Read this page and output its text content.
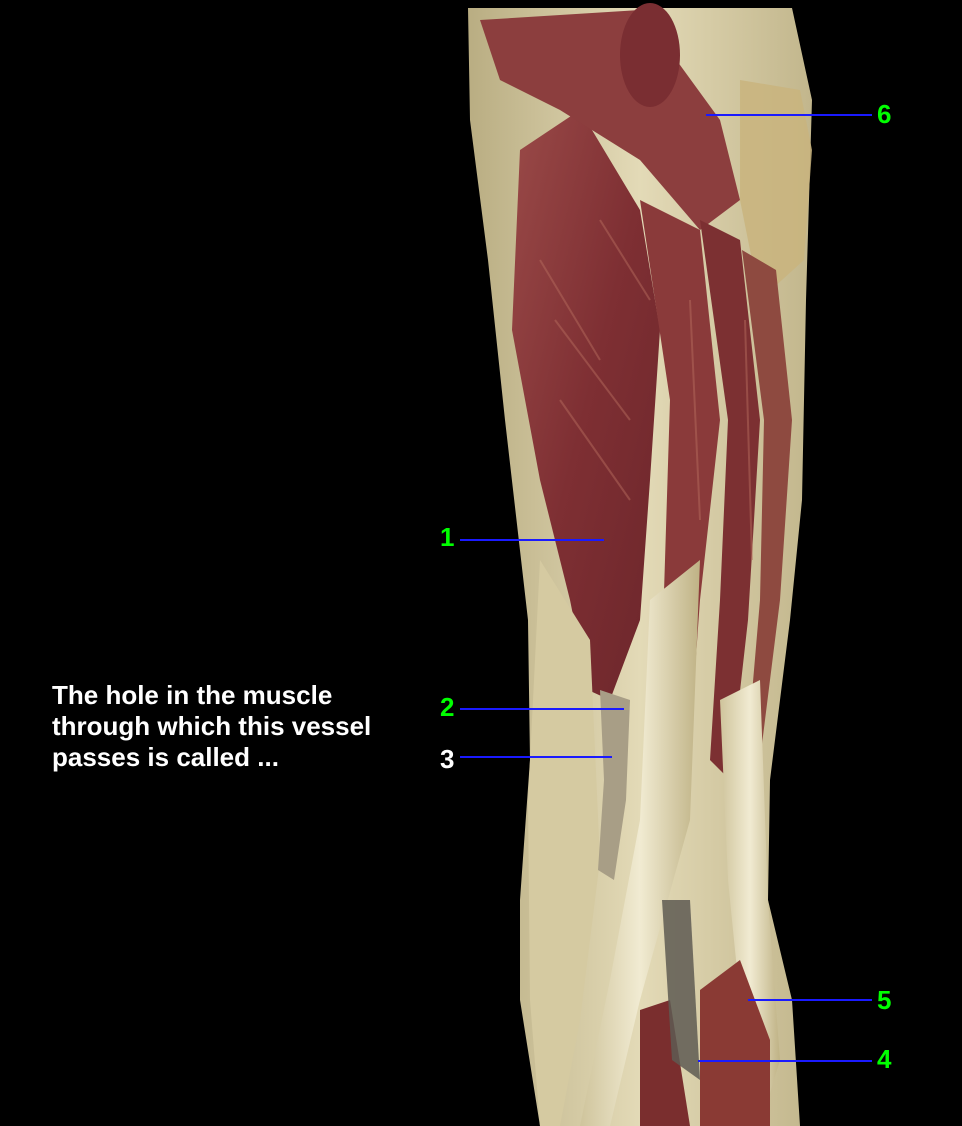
1
2
3
4
5
6
The hole in the muscle
through which this vessel
passes is called ...
